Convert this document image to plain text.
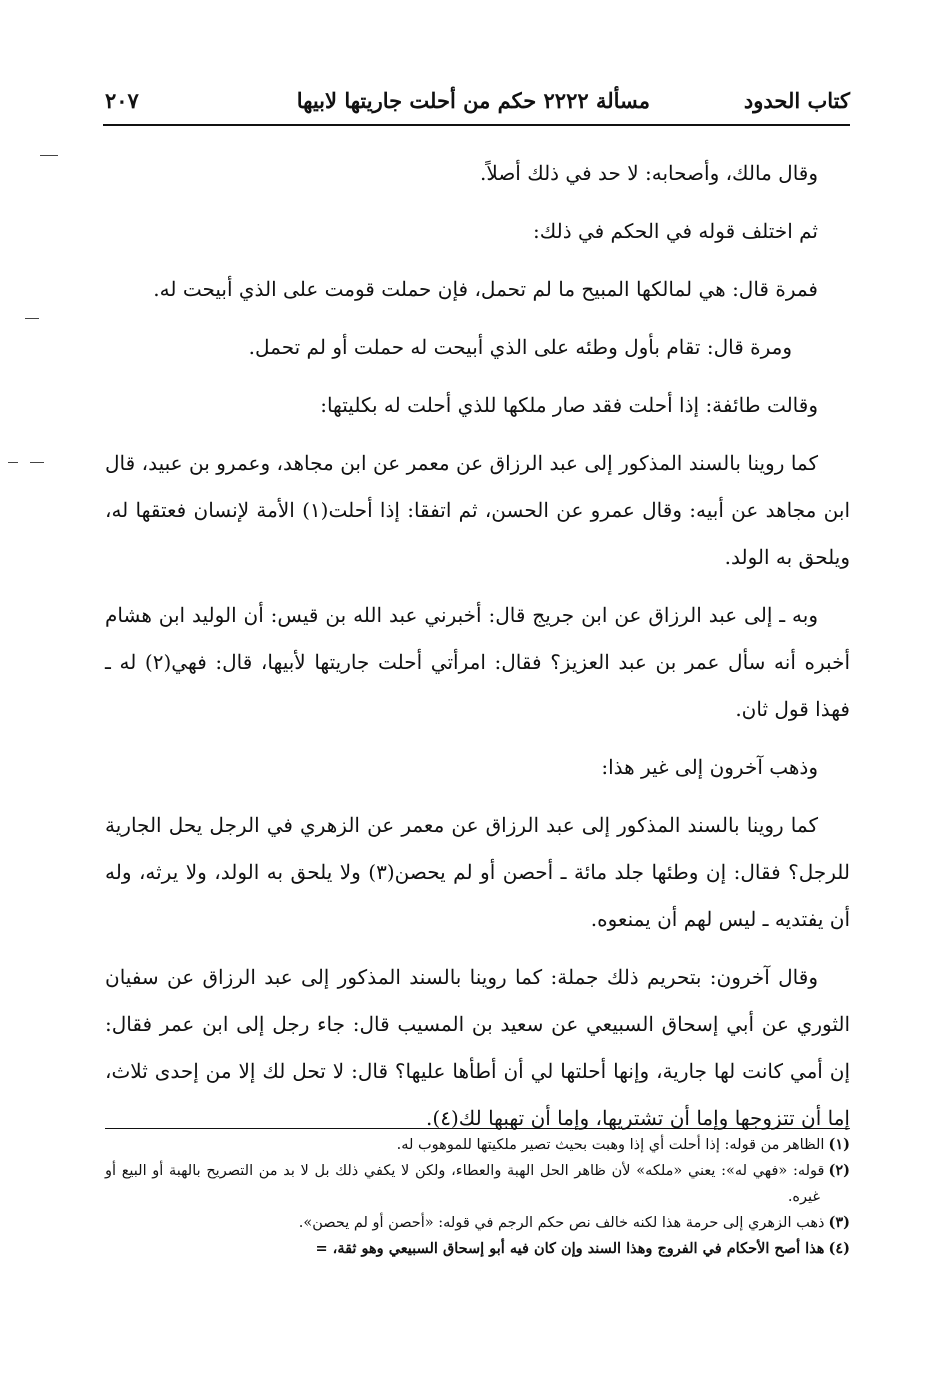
كتاب الحدود
مسألة ٢٢٢٢ حكم من أحلت جاريتها لابيها
٢٠٧

وقال مالك، وأصحابه: لا حد في ذلك أصلاً.

ثم اختلف قوله في الحكم في ذلك:

فمرة قال: هي لمالكها المبيح ما لم تحمل، فإن حملت قومت على الذي أبيحت له.

ومرة قال: تقام بأول وطئه على الذي أبيحت له حملت أو لم تحمل.

وقالت طائفة: إذا أحلت فقد صار ملكها للذي أحلت له بكليتها:

كما روينا بالسند المذكور إلى عبد الرزاق عن معمر عن ابن مجاهد، وعمرو بن عبيد، قال ابن مجاهد عن أبيه: وقال عمرو عن الحسن، ثم اتفقا: إذا أحلت(١) الأمة لإنسان فعتقها له، ويلحق به الولد.

وبه ـ إلى عبد الرزاق عن ابن جريج قال: أخبرني عبد الله بن قيس: أن الوليد ابن هشام أخبره أنه سأل عمر بن عبد العزيز؟ فقال: امرأتي أحلت جاريتها لأبيها، قال: فهي(٢) له ـ فهذا قول ثان.

وذهب آخرون إلى غير هذا:

كما روينا بالسند المذكور إلى عبد الرزاق عن معمر عن الزهري في الرجل يحل الجارية للرجل؟ فقال: إن وطئها جلد مائة ـ أحصن أو لم يحصن(٣) ولا يلحق به الولد، ولا يرثه، وله أن يفتديه ـ ليس لهم أن يمنعوه.

وقال آخرون: بتحريم ذلك جملة: كما روينا بالسند المذكور إلى عبد الرزاق عن سفيان الثوري عن أبي إسحاق السبيعي عن سعيد بن المسيب قال: جاء رجل إلى ابن عمر فقال: إن أمي كانت لها جارية، وإنها أحلتها لي أن أطأها عليها؟ قال: لا تحل لك إلا من إحدى ثلاث، إما أن تتزوجها وإما أن تشتريها، وإما أن تهبها لك(٤).

(١)الظاهر من قوله: إذا أحلت أي إذا وهبت بحيث تصير ملكيتها للموهوب له.

(٢)قوله: «فهي له»: يعني «ملكه» لأن ظاهر الحل الهبة والعطاء، ولكن لا يكفي ذلك بل لا بد من التصريح بالهبة أو البيع أو غيره.

(٣)ذهب الزهري إلى حرمة هذا لكنه خالف نص حكم الرجم في قوله: «أحصن أو لم يحصن».

(٤)هذا أصح الأحكام في الفروج وهذا السند وإن كان فيه أبو إسحاق السبيعي وهو ثقة، =
